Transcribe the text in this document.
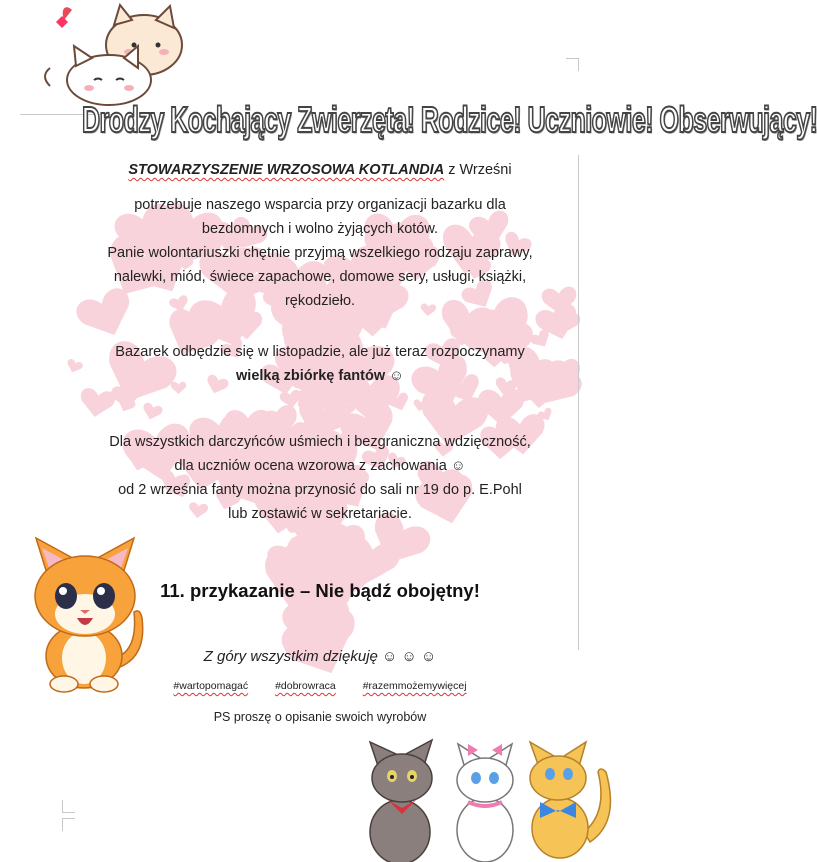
Drodzy Kochający Zwierzęta! Rodzice! Uczniowie! Obserwujący!
STOWARZYSZENIE WRZOSOWA KOTLANDIA z Wrześni
potrzebuje naszego wsparcia przy organizacji bazarku dla
bezdomnych i wolno żyjących kotów.
Panie wolontariuszki chętnie przyjmą wszelkiego rodzaju zaprawy,
nalewki, miód, świece zapachowe, domowe sery, usługi, książki,
rękodzieło.
Bazarek odbędzie się w listopadzie, ale już teraz rozpoczynamy
wielką zbiórkę fantów ☺
Dla wszystkich darczyńców uśmiech i bezgraniczna wdzięczność,
dla uczniów ocena wzorowa z zachowania ☺
od 2 września fanty można przynosić do sali nr 19 do p. E.Pohl
lub zostawić w sekretariacie.
11. przykazanie – Nie bądź obojętny!
Z góry wszystkim dziękuję ☺ ☺ ☺
#wartopomagać	#dobrowraca	#razemmożemywięcej
PS proszę o opisanie swoich wyrobów
